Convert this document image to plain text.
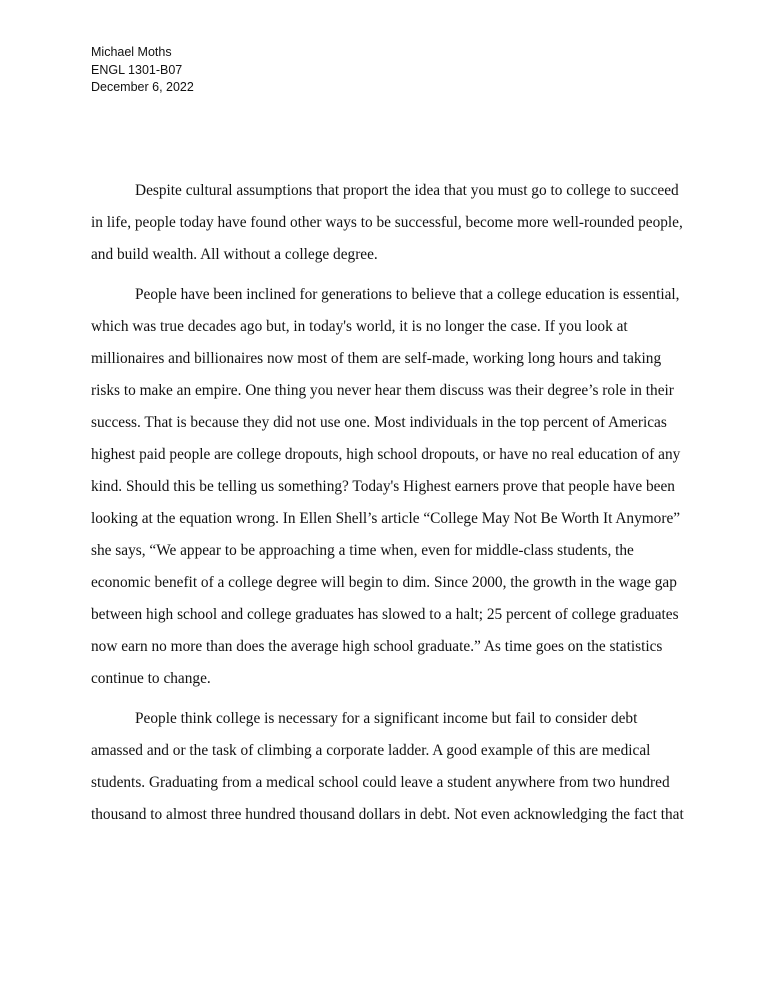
Michael Moths
ENGL 1301-B07
December 6, 2022

Despite cultural assumptions that proport the idea that you must go to college to succeed in life, people today have found other ways to be successful, become more well-rounded people, and build wealth. All without a college degree.

People have been inclined for generations to believe that a college education is essential, which was true decades ago but, in today's world, it is no longer the case. If you look at millionaires and billionaires now most of them are self-made, working long hours and taking risks to make an empire. One thing you never hear them discuss was their degree’s role in their success. That is because they did not use one. Most individuals in the top percent of Americas highest paid people are college dropouts, high school dropouts, or have no real education of any kind. Should this be telling us something? Today's Highest earners prove that people have been looking at the equation wrong. In Ellen Shell’s article “College May Not Be Worth It Anymore” she says, “We appear to be approaching a time when, even for middle-class students, the economic benefit of a college degree will begin to dim. Since 2000, the growth in the wage gap between high school and college graduates has slowed to a halt; 25 percent of college graduates now earn no more than does the average high school graduate.” As time goes on the statistics continue to change.

People think college is necessary for a significant income but fail to consider debt amassed and or the task of climbing a corporate ladder. A good example of this are medical students. Graduating from a medical school could leave a student anywhere from two hundred thousand to almost three hundred thousand dollars in debt. Not even acknowledging the fact that
